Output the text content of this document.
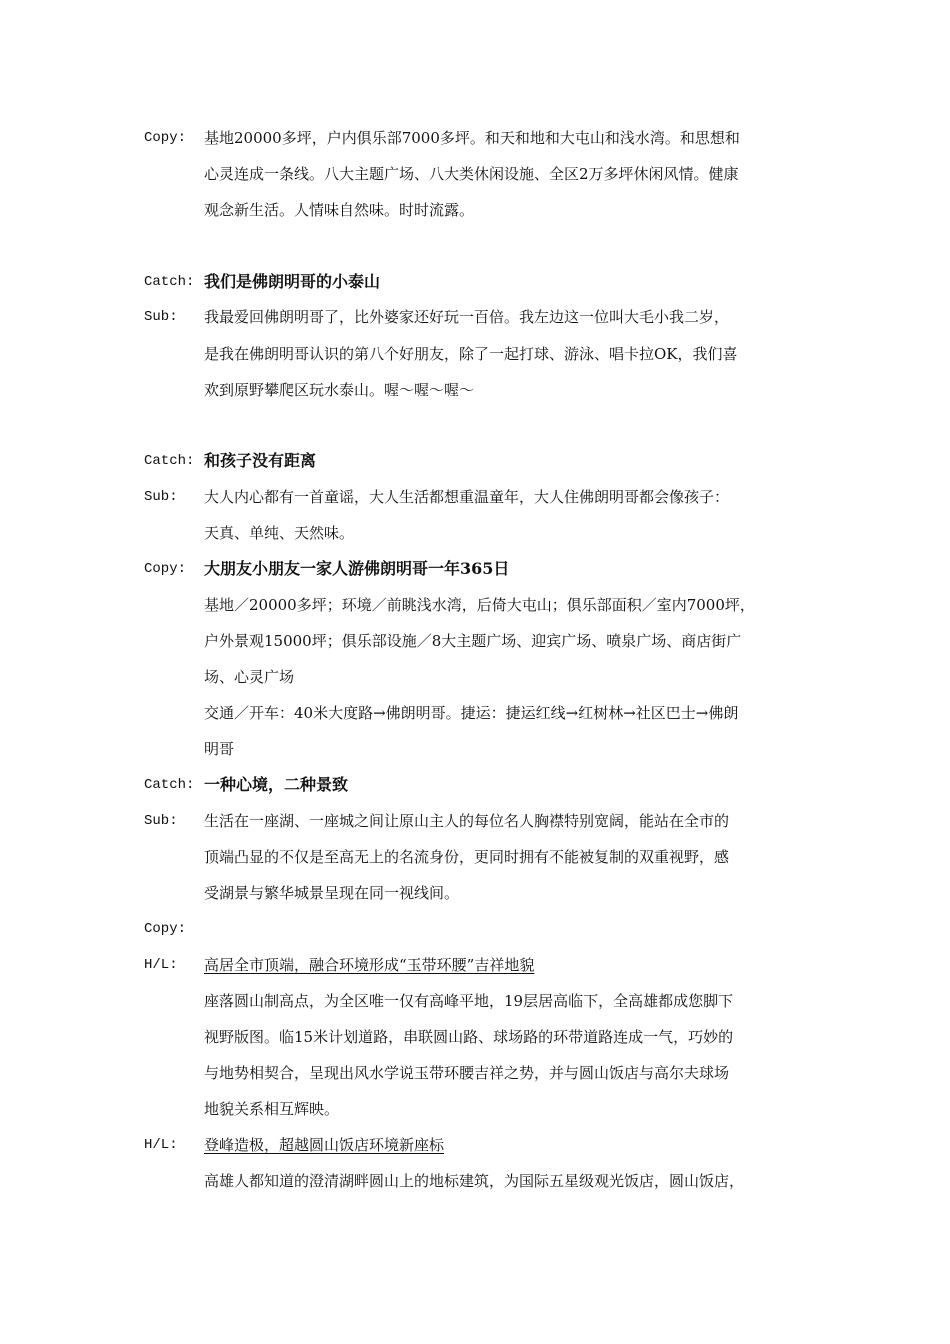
Copy: 基地20000多坪，户内俱乐部7000多坪。和天和地和大屯山和浅水湾。和思想和
心灵连成一条线。八大主题广场、八大类休闲设施、全区2万多坪休闲风情。健康
观念新生活。人情味自然味。时时流露。
Catch: 我们是佛朗明哥的小泰山
Sub: 我最爱回佛朗明哥了，比外婆家还好玩一百倍。我左边这一位叫大毛小我二岁，
是我在佛朗明哥认识的第八个好朋友，除了一起打球、游泳、唱卡拉OK，我们喜
欢到原野攀爬区玩水泰山。喔～喔～喔～
Catch: 和孩子没有距离
Sub: 大人内心都有一首童谣，大人生活都想重温童年，大人住佛朗明哥都会像孩子：
天真、单纯、天然味。
Copy: 大朋友小朋友一家人游佛朗明哥一年365日
基地／20000多坪；环境／前眺浅水湾，后倚大屯山；俱乐部面积／室内7000坪，
户外景观15000坪；俱乐部设施／8大主题广场、迎宾广场、喷泉广场、商店街广
场、心灵广场
交通／开车：40米大度路→佛朗明哥。捷运：捷运红线→红树林→社区巴士→佛朗
明哥
Catch: 一种心境，二种景致
Sub: 生活在一座湖、一座城之间让原山主人的每位名人胸襟特别宽阔，能站在全市的
顶端凸显的不仅是至高无上的名流身份，更同时拥有不能被复制的双重视野，感
受湖景与繁华城景呈现在同一视线间。
Copy:
H/L: 高居全市顶端，融合环境形成“玉带环腰”吉祥地貌
座落圆山制高点，为全区唯一仅有高峰平地，19层居高临下，全高雄都成您脚下
视野版图。临15米计划道路，串联圆山路、球场路的环带道路连成一气，巧妙的
与地势相契合，呈现出风水学说玉带环腰吉祥之势，并与圆山饭店与高尔夫球场
地貌关系相互辉映。
H/L: 登峰造极，超越圆山饭店环境新座标
高雄人都知道的澄清湖畔圆山上的地标建筑，为国际五星级观光饭店，圆山饭店，
